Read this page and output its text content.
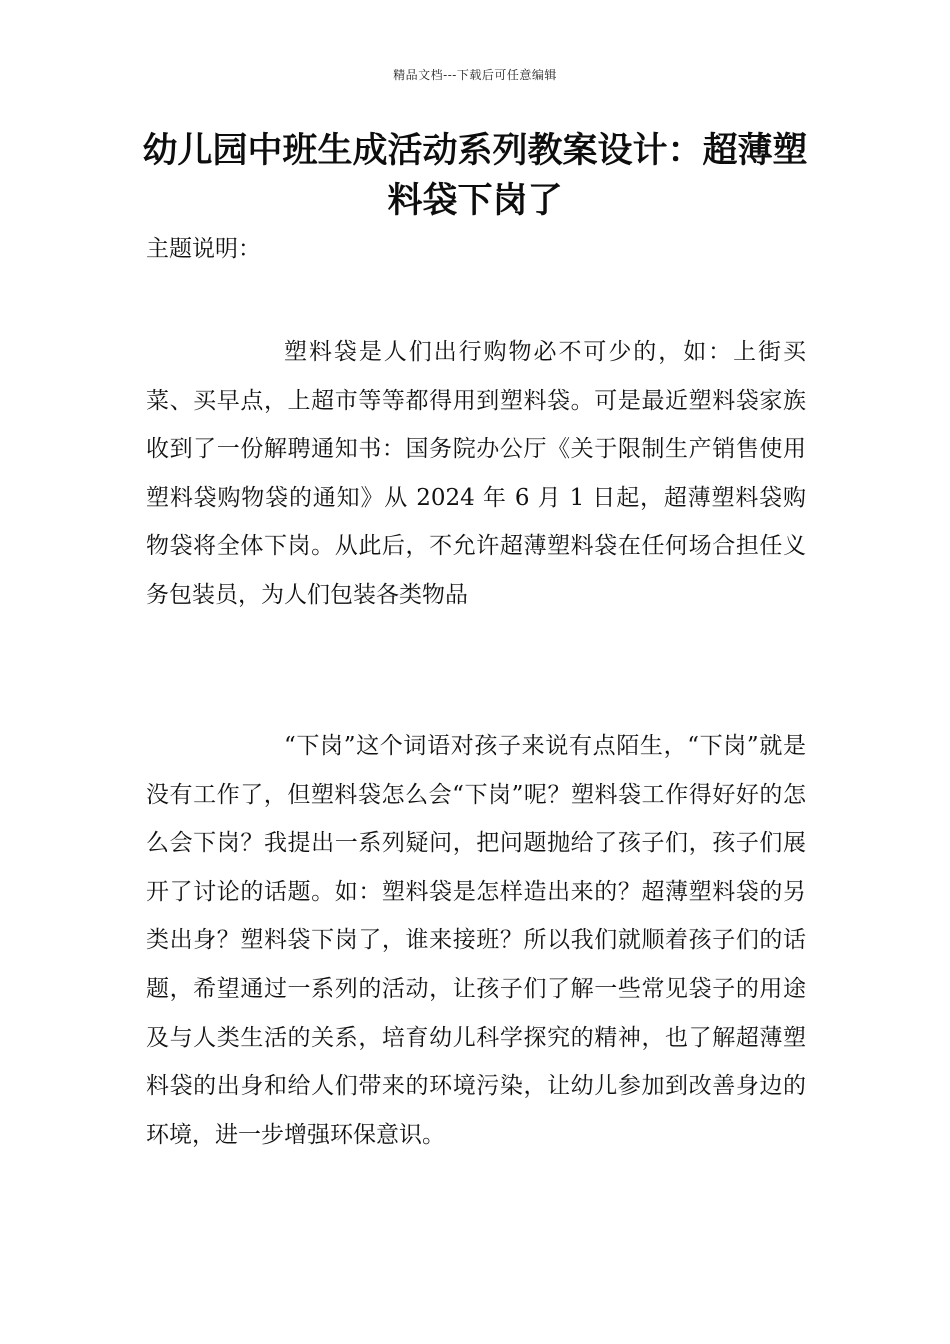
精品文档---下载后可任意编辑
幼儿园中班生成活动系列教案设计：超薄塑料袋下岗了

主题说明：

塑料袋是人们出行购物必不可少的，如：上街买菜、买早点，上超市等等都得用到塑料袋。可是最近塑料袋家族收到了一份解聘通知书：国务院办公厅《关于限制生产销售使用塑料袋购物袋的通知》从 2024 年 6 月 1 日起，超薄塑料袋购物袋将全体下岗。从此后，不允许超薄塑料袋在任何场合担任义务包装员，为人们包装各类物品

“下岗”这个词语对孩子来说有点陌生，“下岗”就是没有工作了，但塑料袋怎么会“下岗”呢？塑料袋工作得好好的怎么会下岗？我提出一系列疑问，把问题抛给了孩子们，孩子们展开了讨论的话题。如：塑料袋是怎样造出来的？超薄塑料袋的另类出身？塑料袋下岗了，谁来接班？所以我们就顺着孩子们的话题，希望通过一系列的活动，让孩子们了解一些常见袋子的用途及与人类生活的关系，培育幼儿科学探究的精神，也了解超薄塑料袋的出身和给人们带来的环境污染，让幼儿参加到改善身边的环境，进一步增强环保意识。
